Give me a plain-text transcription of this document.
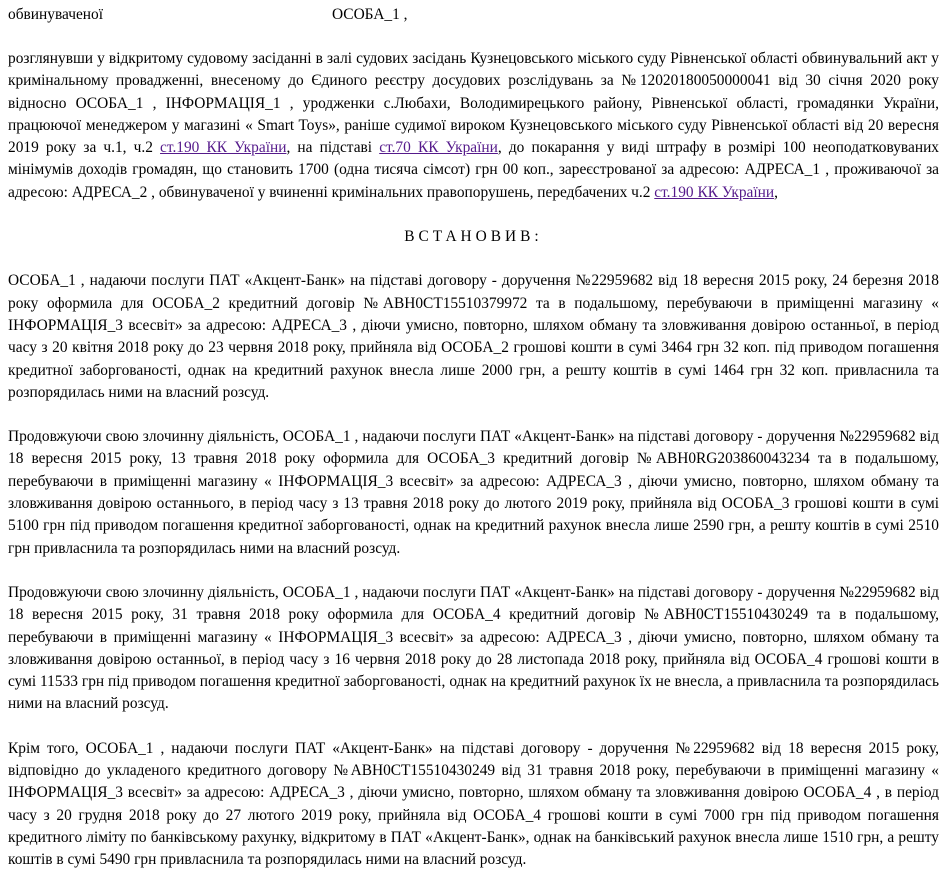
обвинуваченої	ОСОБА_1 ,

розглянувши у відкритому судовому засіданні в залі судових засідань Кузнецовського міського суду Рівненської області обвинувальний акт у кримінальному провадженні, внесеному до Єдиного реєстру досудових розслідувань за №12020180050000041 від 30 січня 2020 року відносно ОСОБА_1 , ІНФОРМАЦІЯ_1 , уродженки с.Любахи, Володимирецького району, Рівненської області, громадянки України, працюючої менеджером у магазині « Smart Toys», раніше судимої вироком Кузнецовського міського суду Рівненської області від 20 вересня 2019 року за ч.1, ч.2 ст.190 КК України, на підставі ст.70 КК України, до покарання у виді штрафу в розмірі 100 неоподатковуваних мінімумів доходів громадян, що становить 1700 (одна тисяча сімсот) грн 00 коп., зареєстрованої за адресою: АДРЕСА_1 , проживаючої за адресою: АДРЕСА_2 , обвинуваченої у вчиненні кримінальних правопорушень, передбачених ч.2 ст.190 КК України,

ВСТАНОВИВ:

ОСОБА_1 , надаючи послуги ПАТ «Акцент-Банк» на підставі договору - доручення №22959682 від 18 вересня 2015 року, 24 березня 2018 року оформила для ОСОБА_2 кредитний договір №АВН0СТ15510379972 та в подальшому, перебуваючи в приміщенні магазину « ІНФОРМАЦІЯ_3 всесвіт» за адресою: АДРЕСА_3 , діючи умисно, повторно, шляхом обману та зловживання довірою останньої, в період часу з 20 квітня 2018 року до 23 червня 2018 року, прийняла від ОСОБА_2 грошові кошти в сумі 3464 грн 32 коп. під приводом погашення кредитної заборгованості, однак на кредитний рахунок внесла лише 2000 грн, а решту коштів в сумі 1464 грн 32 коп. привласнила та розпорядилась ними на власний розсуд.

Продовжуючи свою злочинну діяльність, ОСОБА_1 , надаючи послуги ПАТ «Акцент-Банк» на підставі договору - доручення №22959682 від 18 вересня 2015 року, 13 травня 2018 року оформила для ОСОБА_3 кредитний договір №АВН0RG203860043234 та в подальшому, перебуваючи в приміщенні магазину « ІНФОРМАЦІЯ_3 всесвіт» за адресою: АДРЕСА_3 , діючи умисно, повторно, шляхом обману та зловживання довірою останнього, в період часу з 13 травня 2018 року до лютого 2019 року, прийняла від ОСОБА_3 грошові кошти в сумі 5100 грн під приводом погашення кредитної заборгованості, однак на кредитний рахунок внесла лише 2590 грн, а решту коштів в сумі 2510 грн привласнила та розпорядилась ними на власний розсуд.

Продовжуючи свою злочинну діяльність, ОСОБА_1 , надаючи послуги ПАТ «Акцент-Банк» на підставі договору - доручення №22959682 від 18 вересня 2015 року, 31 травня 2018 року оформила для ОСОБА_4 кредитний договір №АВН0СТ15510430249 та в подальшому, перебуваючи в приміщенні магазину « ІНФОРМАЦІЯ_3 всесвіт» за адресою: АДРЕСА_3 , діючи умисно, повторно, шляхом обману та зловживання довірою останньої, в період часу з 16 червня 2018 року до 28 листопада 2018 року, прийняла від ОСОБА_4 грошові кошти в сумі 11533 грн під приводом погашення кредитної заборгованості, однак на кредитний рахунок їх не внесла, а привласнила та розпорядилась ними на власний розсуд.

Крім того, ОСОБА_1 , надаючи послуги ПАТ «Акцент-Банк» на підставі договору - доручення №22959682 від 18 вересня 2015 року, відповідно до укладеного кредитного договору №АВН0СТ15510430249 від 31 травня 2018 року, перебуваючи в приміщенні магазину « ІНФОРМАЦІЯ_3 всесвіт» за адресою: АДРЕСА_3 , діючи умисно, повторно, шляхом обману та зловживання довірою ОСОБА_4 , в період часу з 20 грудня 2018 року до 27 лютого 2019 року, прийняла від ОСОБА_4 грошові кошти в сумі 7000 грн під приводом погашення кредитного ліміту по банківському рахунку, відкритому в ПАТ «Акцент-Банк», однак на банківський рахунок внесла лише 1510 грн, а решту коштів в сумі 5490 грн привласнила та розпорядилась ними на власний розсуд.
